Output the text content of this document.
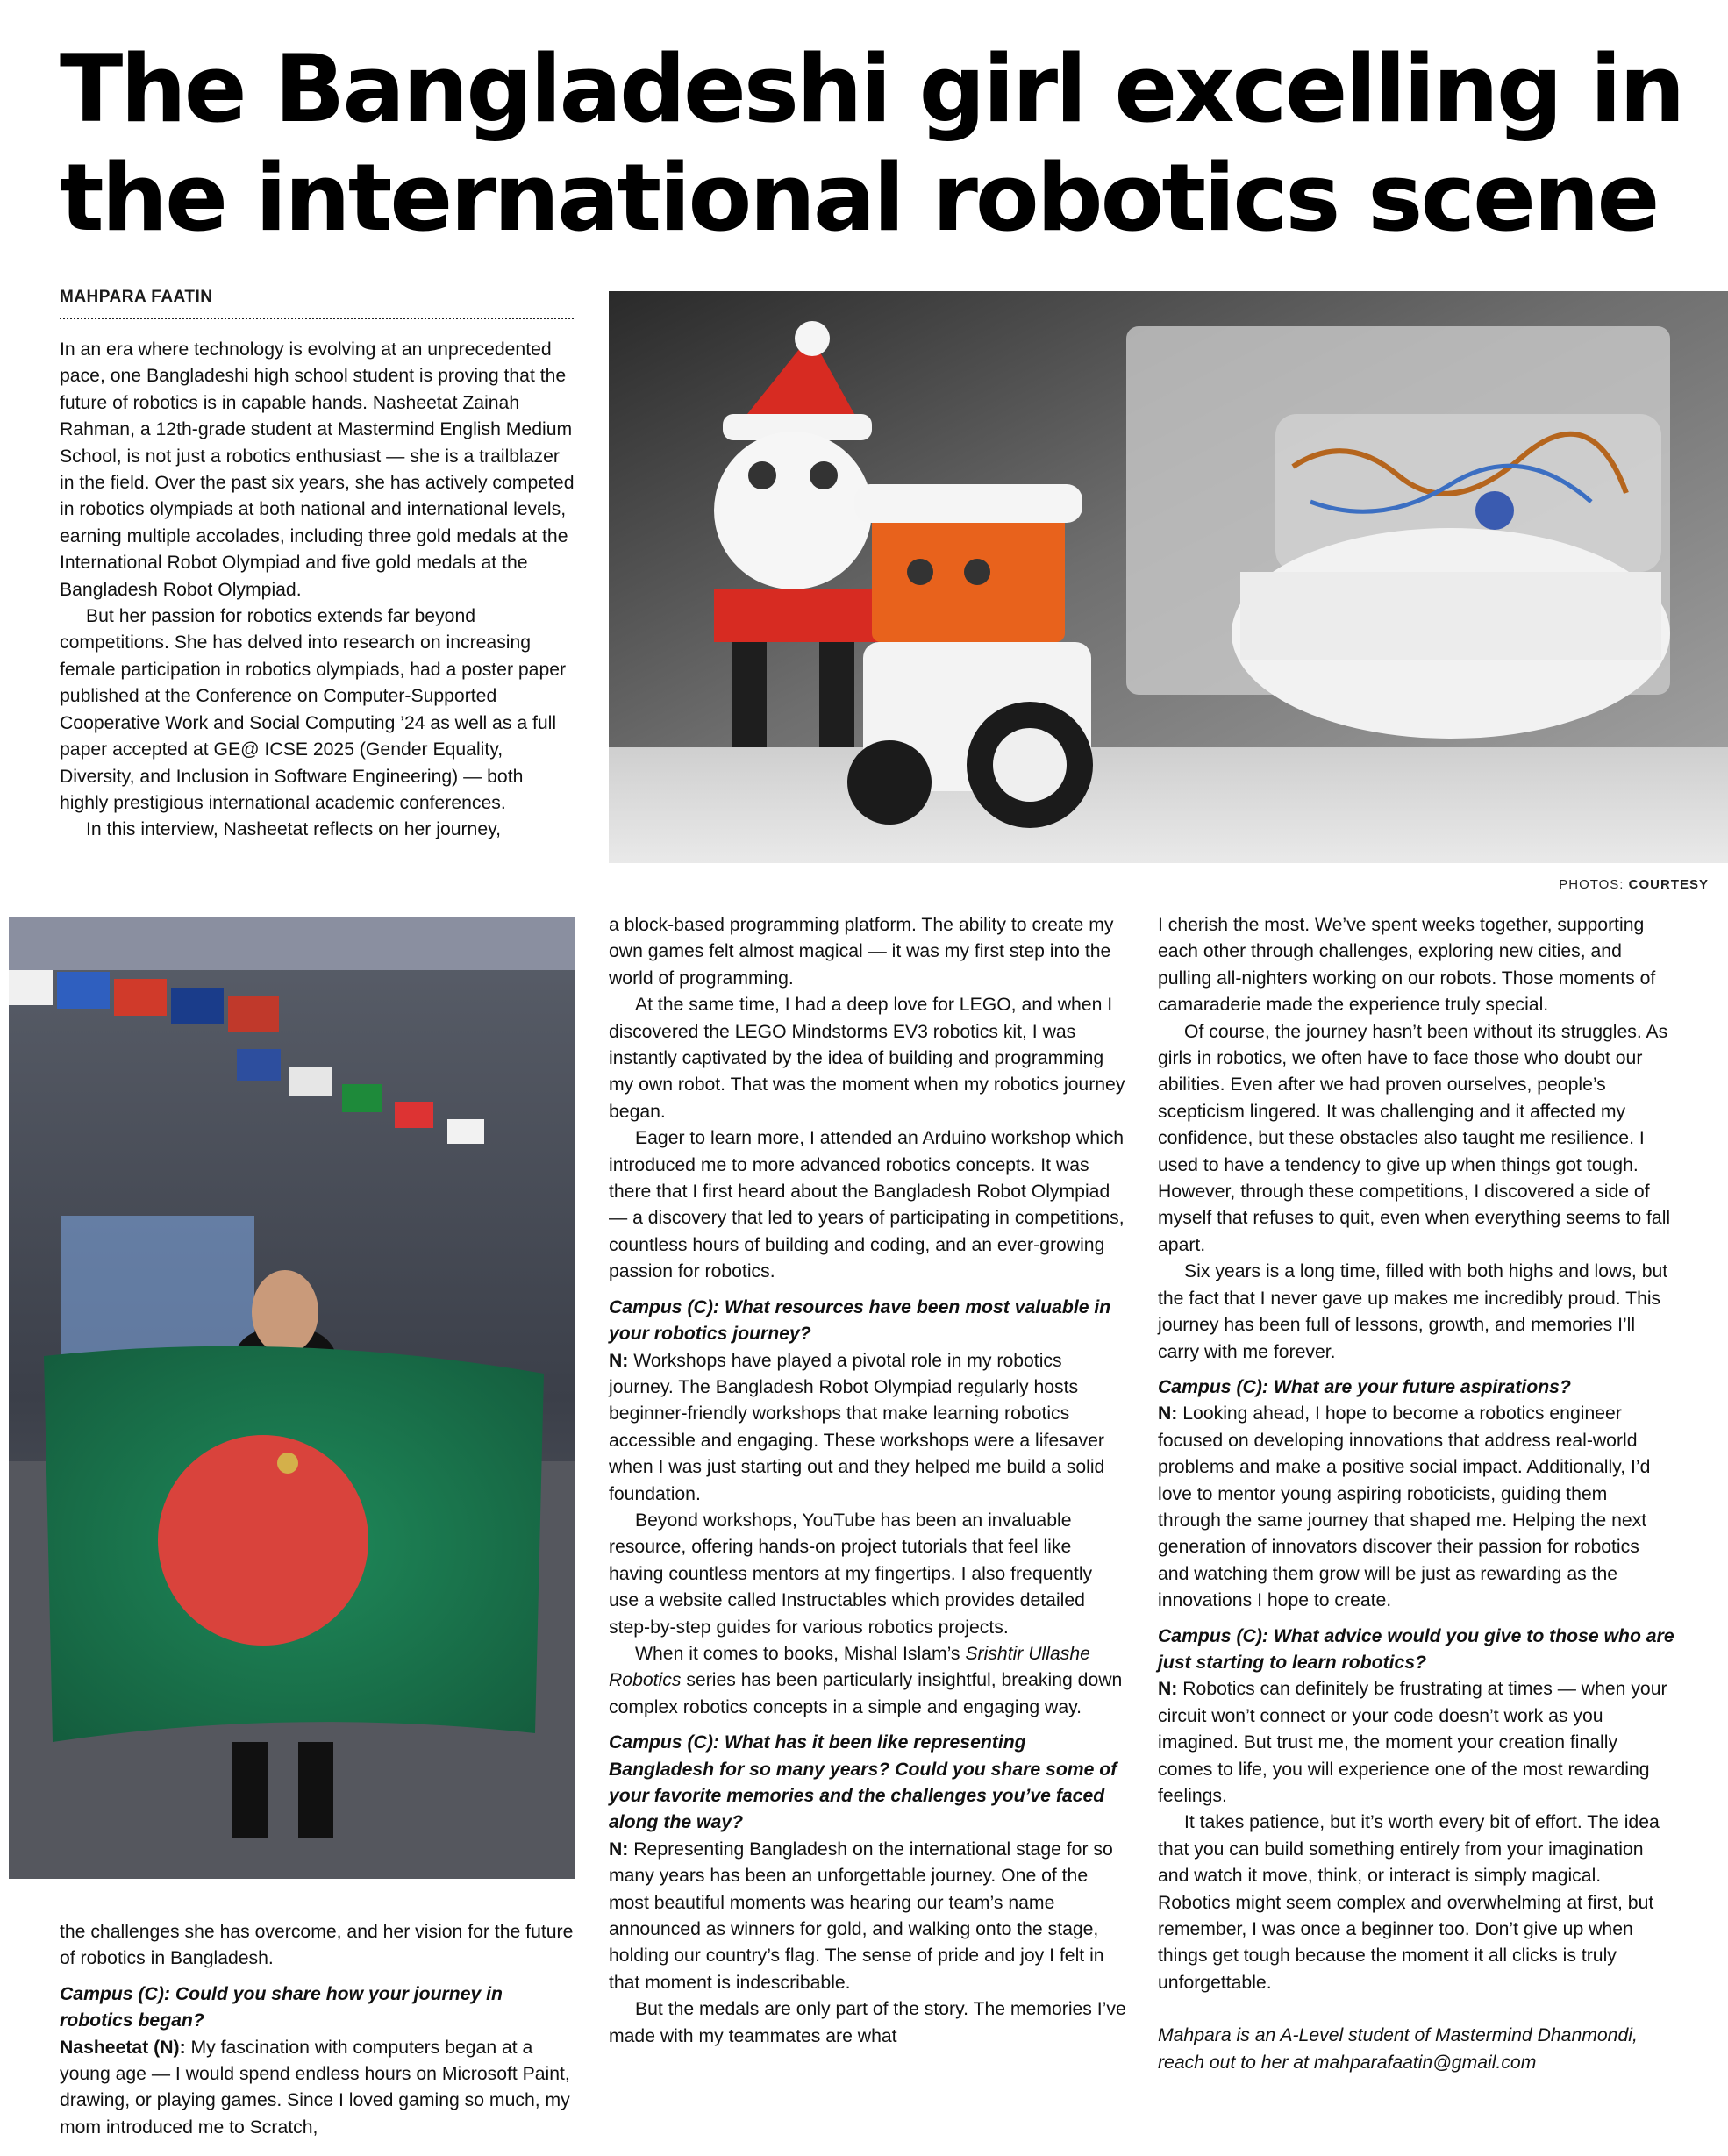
The Bangladeshi girl excelling in the international robotics scene
MAHPARA FAATIN

In an era where technology is evolving at an unprecedented pace, one Bangladeshi high school student is proving that the future of robotics is in capable hands. Nasheetat Zainah Rahman, a 12th-grade student at Mastermind English Medium School, is not just a robotics enthusiast — she is a trailblazer in the field. Over the past six years, she has actively competed in robotics olympiads at both national and international levels, earning multiple accolades, including three gold medals at the International Robot Olympiad and five gold medals at the Bangladesh Robot Olympiad.

But her passion for robotics extends far beyond competitions. She has delved into research on increasing female participation in robotics olympiads, had a poster paper published at the Conference on Computer-Supported Cooperative Work and Social Computing ’24 as well as a full paper accepted at GE@ ICSE 2025 (Gender Equality, Diversity, and Inclusion in Software Engineering) — both highly prestigious international academic conferences.

In this interview, Nasheetat reflects on her journey,

PHOTOS: COURTESY

the challenges she has overcome, and her vision for the future of robotics in Bangladesh.

Campus (C): Could you share how your journey in robotics began?

Nasheetat (N): My fascination with computers began at a young age — I would spend endless hours on Microsoft Paint, drawing, or playing games. Since I loved gaming so much, my mom introduced me to Scratch,

a block-based programming platform. The ability to create my own games felt almost magical — it was my first step into the world of programming.

At the same time, I had a deep love for LEGO, and when I discovered the LEGO Mindstorms EV3 robotics kit, I was instantly captivated by the idea of building and programming my own robot. That was the moment when my robotics journey began.

Eager to learn more, I attended an Arduino workshop which introduced me to more advanced robotics concepts. It was there that I first heard about the Bangladesh Robot Olympiad — a discovery that led to years of participating in competitions, countless hours of building and coding, and an ever-growing passion for robotics.

Campus (C): What resources have been most valuable in your robotics journey?

N: Workshops have played a pivotal role in my robotics journey. The Bangladesh Robot Olympiad regularly hosts beginner-friendly workshops that make learning robotics accessible and engaging. These workshops were a lifesaver when I was just starting out and they helped me build a solid foundation.

Beyond workshops, YouTube has been an invaluable resource, offering hands-on project tutorials that feel like having countless mentors at my fingertips. I also frequently use a website called Instructables which provides detailed step-by-step guides for various robotics projects.

When it comes to books, Mishal Islam’s Srishtir Ullashe Robotics series has been particularly insightful, breaking down complex robotics concepts in a simple and engaging way.

Campus (C): What has it been like representing Bangladesh for so many years? Could you share some of your favorite memories and the challenges you’ve faced along the way?

N: Representing Bangladesh on the international stage for so many years has been an unforgettable journey. One of the most beautiful moments was hearing our team’s name announced as winners for gold, and walking onto the stage, holding our country’s flag. The sense of pride and joy I felt in that moment is indescribable.

But the medals are only part of the story. The memories I’ve made with my teammates are what

I cherish the most. We’ve spent weeks together, supporting each other through challenges, exploring new cities, and pulling all-nighters working on our robots. Those moments of camaraderie made the experience truly special.

Of course, the journey hasn’t been without its struggles. As girls in robotics, we often have to face those who doubt our abilities. Even after we had proven ourselves, people’s scepticism lingered. It was challenging and it affected my confidence, but these obstacles also taught me resilience. I used to have a tendency to give up when things got tough. However, through these competitions, I discovered a side of myself that refuses to quit, even when everything seems to fall apart.

Six years is a long time, filled with both highs and lows, but the fact that I never gave up makes me incredibly proud. This journey has been full of lessons, growth, and memories I’ll carry with me forever.

Campus (C): What are your future aspirations?

N: Looking ahead, I hope to become a robotics engineer focused on developing innovations that address real-world problems and make a positive social impact. Additionally, I’d love to mentor young aspiring roboticists, guiding them through the same journey that shaped me. Helping the next generation of innovators discover their passion for robotics and watching them grow will be just as rewarding as the innovations I hope to create.

Campus (C): What advice would you give to those who are just starting to learn robotics?

N: Robotics can definitely be frustrating at times — when your circuit won’t connect or your code doesn’t work as you imagined. But trust me, the moment your creation finally comes to life, you will experience one of the most rewarding feelings.

It takes patience, but it’s worth every bit of effort. The idea that you can build something entirely from your imagination and watch it move, think, or interact is simply magical. Robotics might seem complex and overwhelming at first, but remember, I was once a beginner too. Don’t give up when things get tough because the moment it all clicks is truly unforgettable.

Mahpara is an A-Level student of Mastermind Dhanmondi, reach out to her at mahparafaatin@gmail.com
